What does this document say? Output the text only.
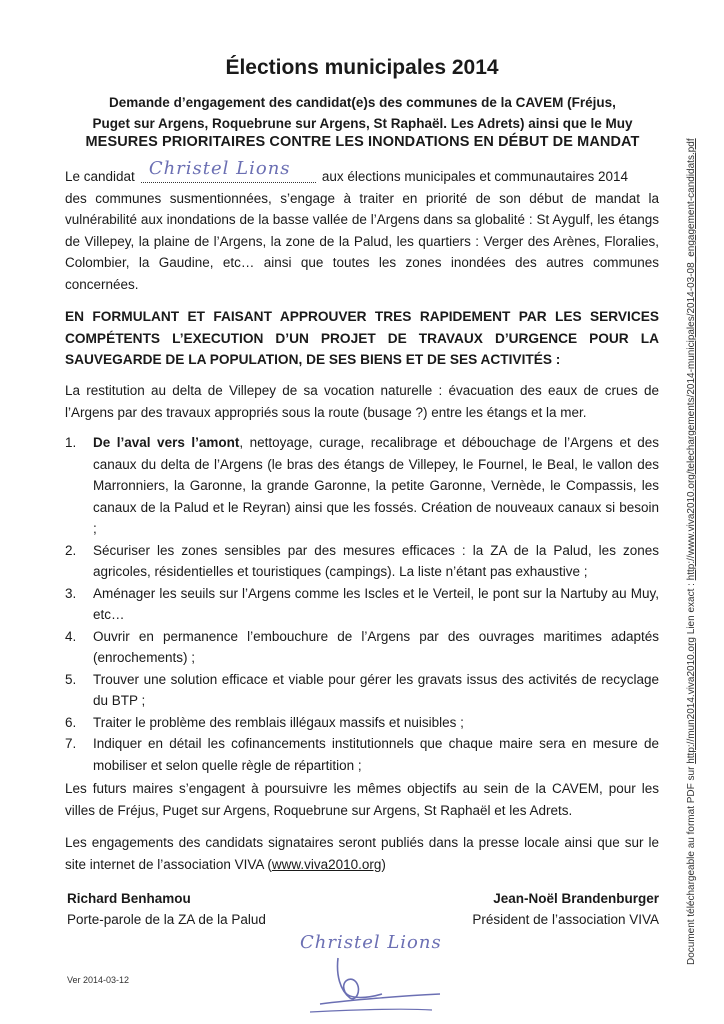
Élections municipales 2014
Demande d’engagement des candidat(e)s des communes de la CAVEM (Fréjus, Puget sur Argens, Roquebrune sur Argens, St Raphaël. Les Adrets) ainsi que le Muy
MESURES PRIORITAIRES CONTRE LES INONDATIONS EN DÉBUT DE MANDAT
Le candidat Christel Lions aux élections municipales et communautaires 2014
des communes susmentionnées, s’engage à traiter en priorité de son début de mandat la vulnérabilité aux inondations de la basse vallée de l’Argens dans sa globalité : St Aygulf, les étangs de Villepey, la plaine de l’Argens, la zone de la Palud, les quartiers : Verger des Arènes, Floralies, Colombier, la Gaudine, etc… ainsi que toutes les zones inondées des autres communes concernées.
EN FORMULANT ET FAISANT APPROUVER TRES RAPIDEMENT PAR LES SERVICES COMPÉTENTS L’EXECUTION D’UN PROJET DE TRAVAUX D’URGENCE POUR LA SAUVEGARDE DE LA POPULATION, DE SES BIENS ET DE SES ACTIVITÉS :
La restitution au delta de Villepey de sa vocation naturelle : évacuation des eaux de crues de l’Argens par des travaux appropriés sous la route (busage ?) entre les étangs et la mer.
1. De l’aval vers l’amont, nettoyage, curage, recalibrage et débouchage de l’Argens et des canaux du delta de l’Argens (le bras des étangs de Villepey, le Fournel, le Beal, le vallon des Marronniers, la Garonne, la grande Garonne, la petite Garonne, Vernède, le Compassis, les canaux de la Palud et le Reyran) ainsi que les fossés. Création de nouveaux canaux si besoin ;
2. Sécuriser les zones sensibles par des mesures efficaces : la ZA de la Palud, les zones agricoles, résidentielles et touristiques (campings). La liste n’étant pas exhaustive ;
3. Aménager les seuils sur l’Argens comme les Iscles et le Verteil, le pont sur la Nartuby au Muy, etc…
4. Ouvrir en permanence l’embouchure de l’Argens par des ouvrages maritimes adaptés (enrochements) ;
5. Trouver une solution efficace et viable pour gérer les gravats issus des activités de recyclage du BTP ;
6. Traiter le problème des remblais illégaux massifs et nuisibles ;
7. Indiquer en détail les cofinancements institutionnels que chaque maire sera en mesure de mobiliser et selon quelle règle de répartition ;
Les futurs maires s’engagent à poursuivre les mêmes objectifs au sein de la CAVEM, pour les villes de Fréjus, Puget sur Argens, Roquebrune sur Argens, St Raphaël et les Adrets.
Les engagements des candidats signataires seront publiés dans la presse locale ainsi que sur le site internet de l’association VIVA (www.viva2010.org)
Richard Benhamou
Porte-parole de la ZA de la Palud
Jean-Noël Brandenburger
Président de l’association VIVA
Christel Lions
Ver 2014-03-12
Document téléchargeable au format PDF sur http://mun2014.viva2010.org Lien exact : http://www.viva2010.org/telechargements/2014-municipales/2014-03-08_engagement-candidats.pdf
